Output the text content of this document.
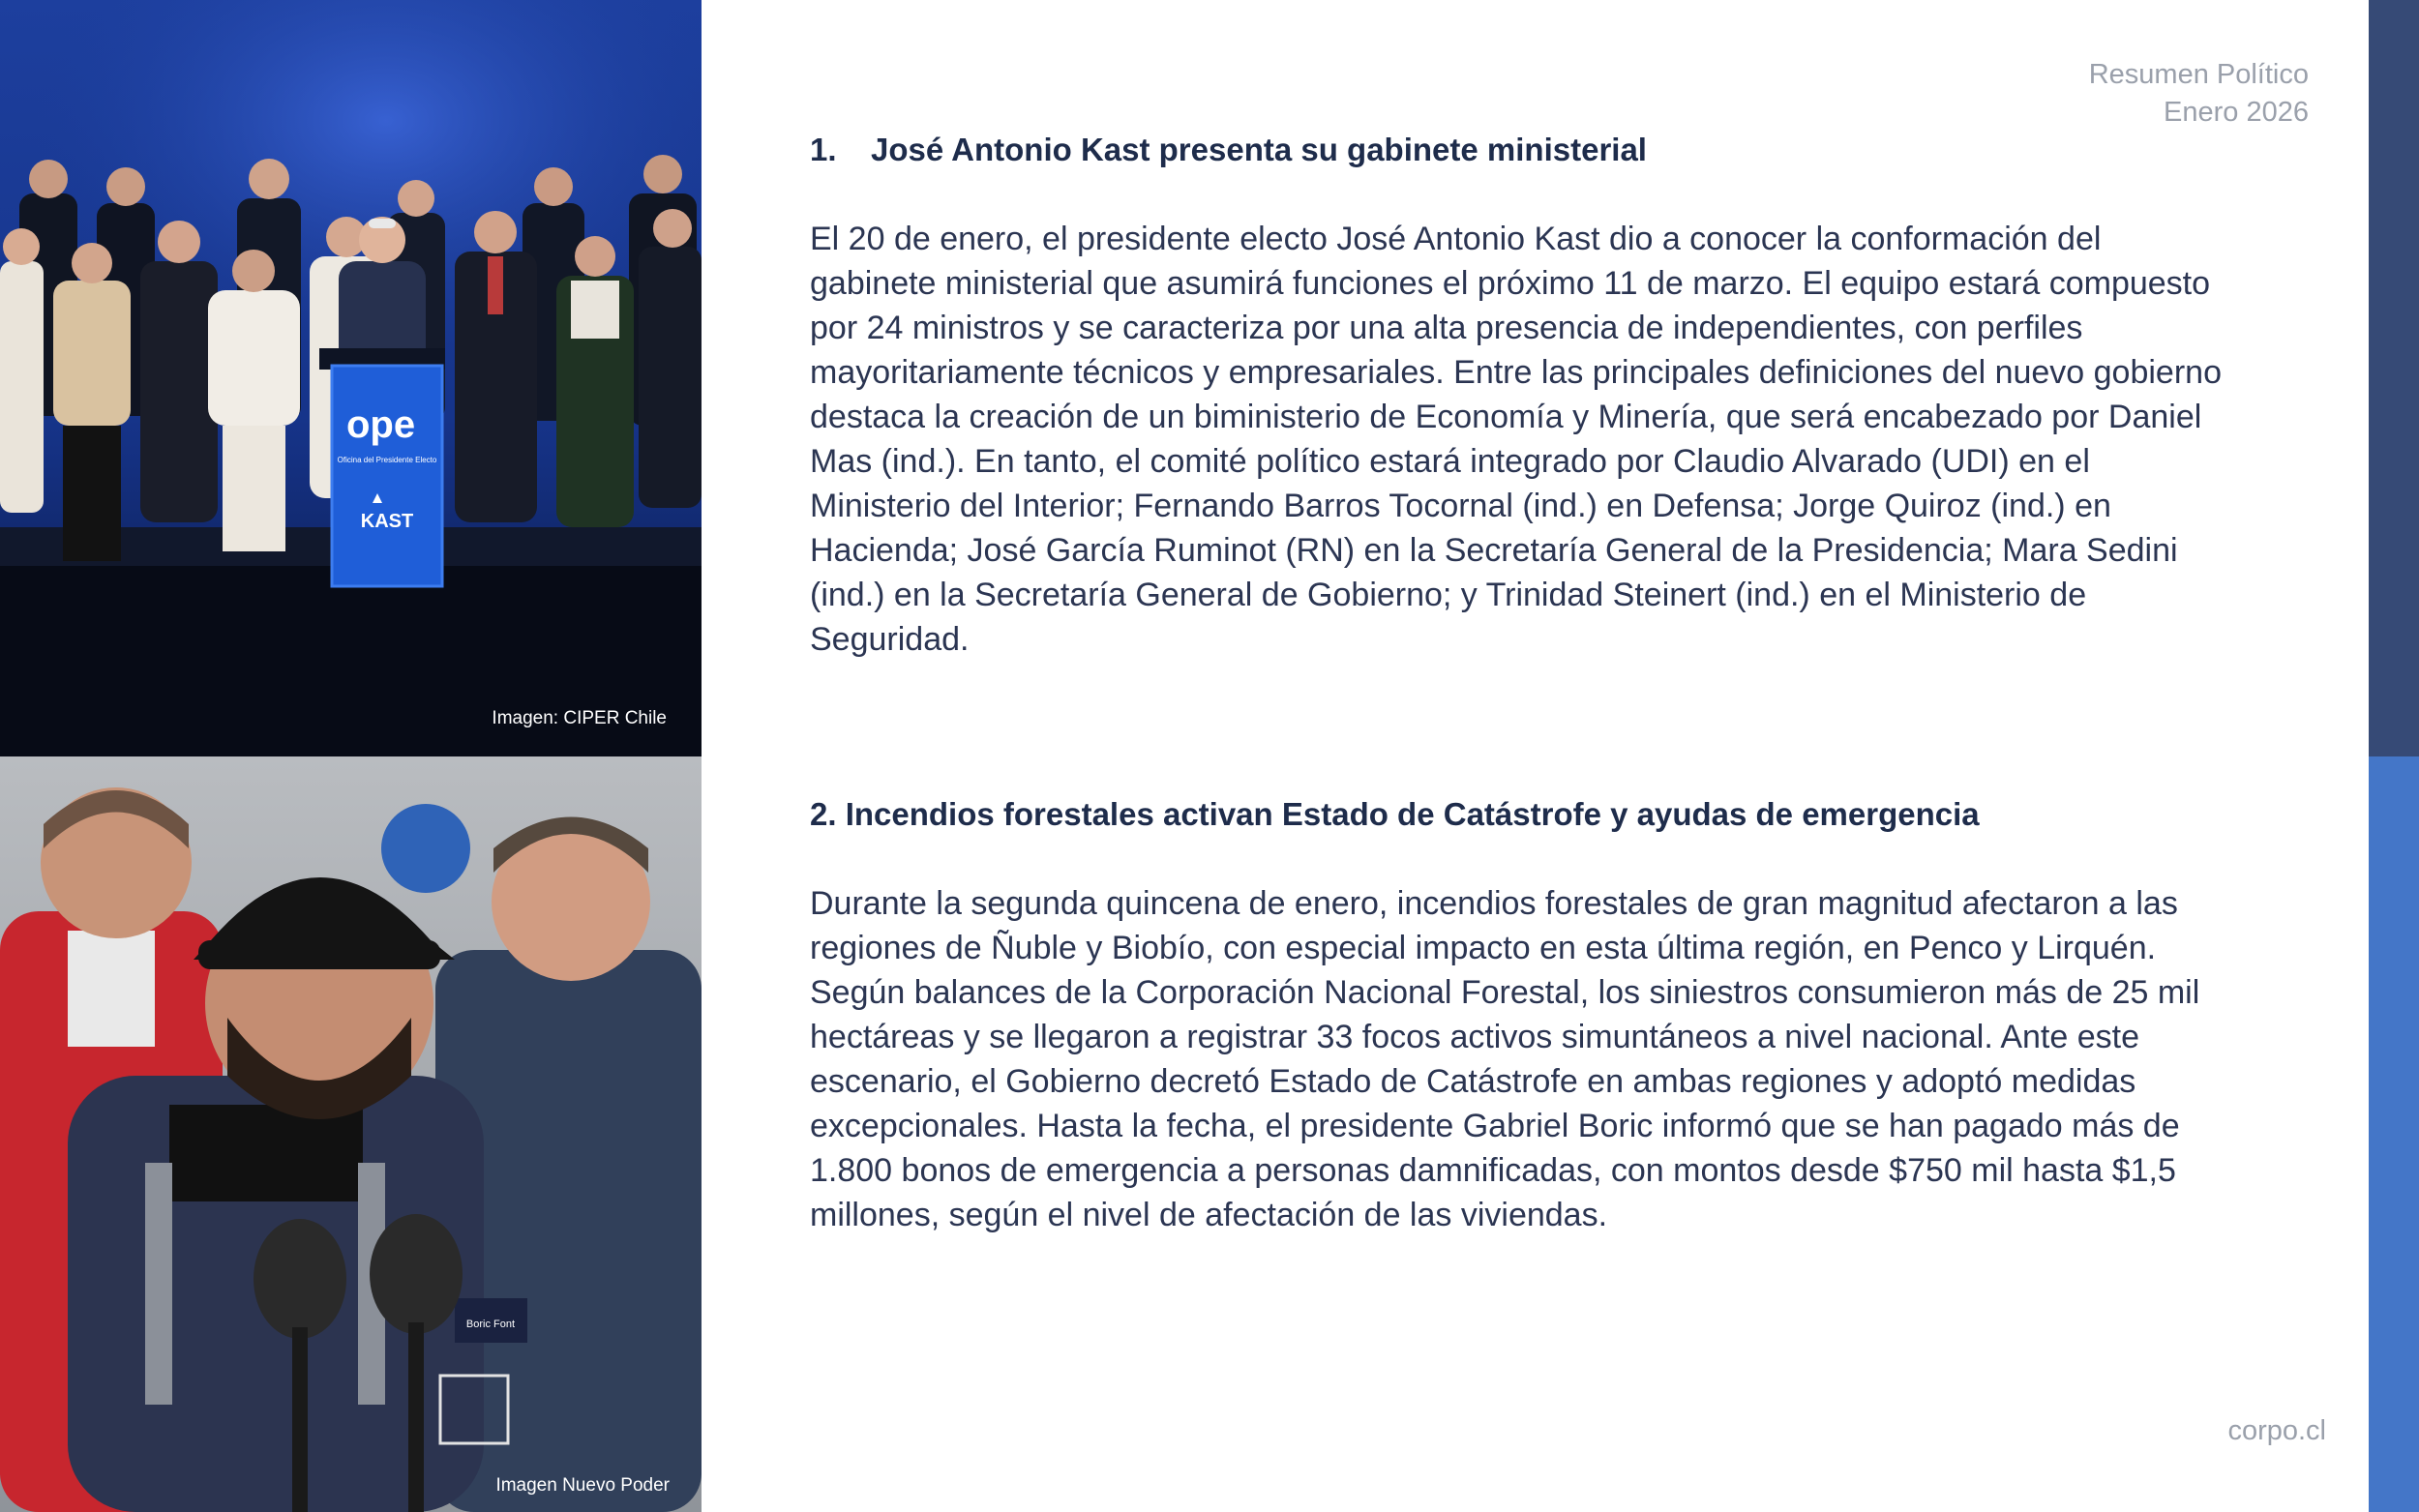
ope
Oficina del Presidente Electo
KAST
Imagen: CIPER Chile
Boric Font
Imagen Nuevo Poder
Resumen Político
Enero 2026
1. José Antonio Kast presenta su gabinete ministerial

El 20 de enero, el presidente electo José Antonio Kast dio a conocer la conformación del gabinete ministerial que asumirá funciones el próximo 11 de marzo. El equipo estará compuesto por 24 ministros y se caracteriza por una alta presencia de independientes, con perfiles mayoritariamente técnicos y empresariales. Entre las principales definiciones del nuevo gobierno destaca la creación de un biministerio de Economía y Minería, que será encabezado por Daniel Mas (ind.). En tanto, el comité político estará integrado por Claudio Alvarado (UDI) en el Ministerio del Interior; Fernando Barros Tocornal (ind.) en Defensa; Jorge Quiroz (ind.) en Hacienda; José García Ruminot (RN) en la Secretaría General de la Presidencia; Mara Sedini (ind.) en la Secretaría General de Gobierno; y Trinidad Steinert (ind.) en el Ministerio de Seguridad.

2. Incendios forestales activan Estado de Catástrofe y ayudas de emergencia

Durante la segunda quincena de enero, incendios forestales de gran magnitud afectaron a las regiones de Ñuble y Biobío, con especial impacto en esta última región, en Penco y Lirquén. Según balances de la Corporación Nacional Forestal, los siniestros consumieron más de 25 mil hectáreas y se llegaron a registrar 33 focos activos simuntáneos a nivel nacional. Ante este escenario, el Gobierno decretó Estado de Catástrofe en ambas regiones y adoptó medidas excepcionales. Hasta la fecha, el presidente Gabriel Boric informó que se han pagado más de 1.800 bonos de emergencia a personas damnificadas, con montos desde $750 mil hasta $1,5 millones, según el nivel de afectación de las viviendas.

corpo.cl
